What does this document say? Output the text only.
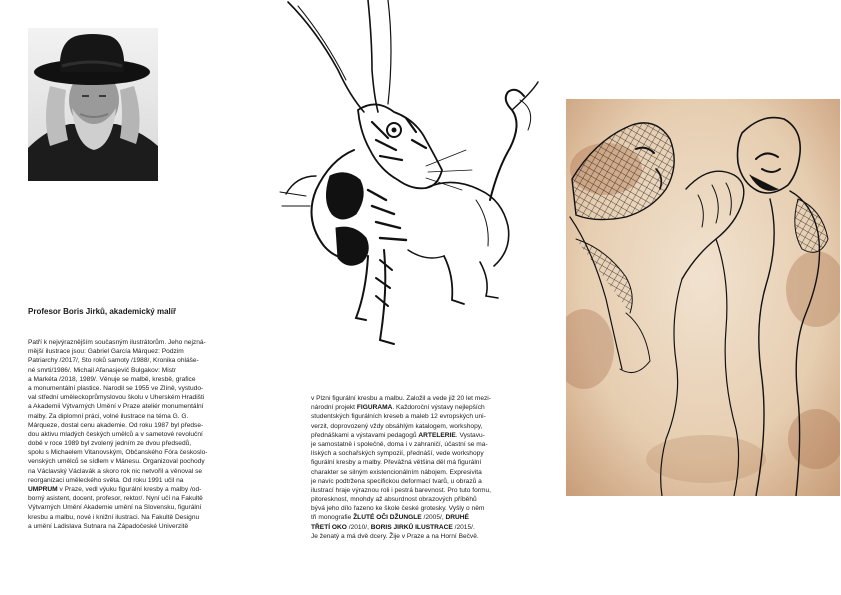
Profesor Boris Jirků, akademický malíř
Patří k nejvýraznějším současným ilustrátorům. Jeho nejzná-
mější ilustrace jsou: Gabriel García Márquez: Podzim
Patriarchy /2017/, Sto roků samoty /1988/, Kronika ohláše-
né smrti/1986/. Michail Afanasjevič Bulgakov: Mistr
a Markéta /2018, 1989/. Věnuje se malbě, kresbě, grafice
a monumentální plastice. Narodil se 1955 ve Zlíně, vystudo-
val střední uměleckoprůmyslovou školu v Uherském Hradišti
a Akademii Výtvarných Umění v Praze ateliér monumentální
malby. Za diplomní práci, volné ilustrace na téma G. G.
Márqueze, dostal cenu akademie. Od roku 1987 byl předse-
dou aktivu mladých českých umělců a v sametové revoluční
době v roce 1989 byl zvolený jedním ze dvou předsedů,
spolu s Michaelem Vitanovským, Občanského Fóra českoslo-
venských umělců se sídlem v Mánesu. Organizoval pochody
na Václavský Václavák a skoro rok nic netvořil a věnoval se
reorganizaci uměleckého světa. Od roku 1991 učil na
UMPRUM v Praze, vedl výuku figurální kresby a malby /od-
borný asistent, docent, profesor, rektor/. Nyní učí na Fakultě
Výtvarných Umění Akademie umění na Slovensku, figurální
kresbu a malbu, nové i knižní ilustraci. Na Fakultě Designu
a umění Ladislava Sutnara na Západočeské Univerzitě
v Plzni figurální kresbu a malbu. Založil a vede již 20 let mezi-
národní projekt FIGURAMA. Každoroční výstavy nejlepších
studentských figurálních kreseb a maleb 12 evropských uni-
verzit, doprovozený vždy obsáhlým katalogem, workshopy,
přednáškami a výstavami pedagogů ARTELERIE. Vystavu-
je samostatně i společně, doma i v zahraničí, účastní se ma-
líských a sochařských sympozií, přednáší, vede workshopy
figurální kresby a malby. Převážná většina děl má figurální
charakter se silným existencionálním nábojem. Expresivita
je navíc podtržena specifickou deformací tvarů, u obrazů a
ilustrací hraje výraznou roli i pestrá barevnost. Pro tuto formu,
pitoresknost, mnohdy až absurdnost obrazových příběhů
bývá jeho dílo řazeno ke škole české grotesky. Vyšly o něm
tři monografie ŽLUTÉ OČI DŽUNGLE /2005/, DRUHÉ
TŘETÍ OKO /2010/, BORIS JIRKŮ ILUSTRACE /2015/.
Je ženatý a má dvě dcery. Žije v Praze a na Horní Bečvě.
